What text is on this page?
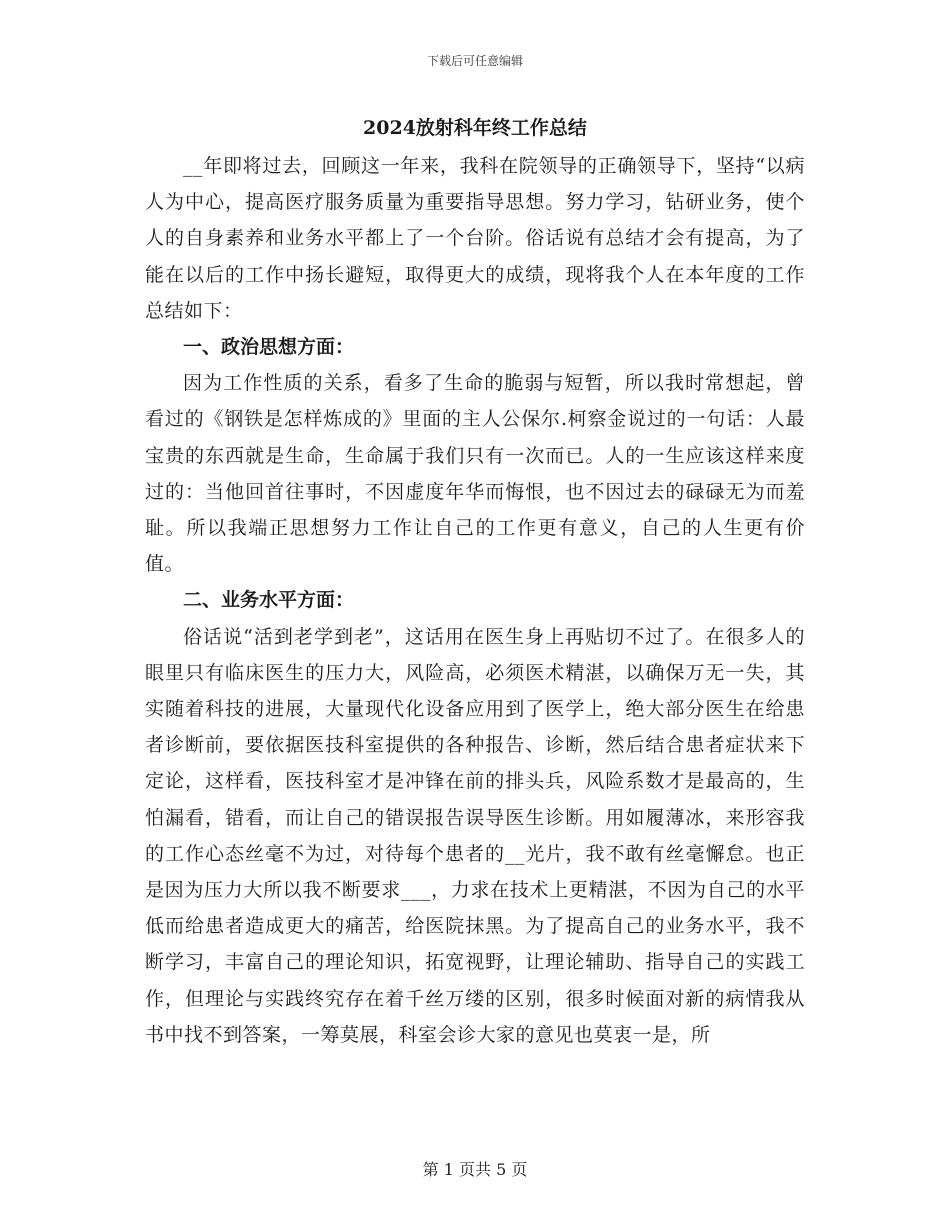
下载后可任意编辑
2024放射科年终工作总结

__年即将过去，回顾这一年来，我科在院领导的正确领导下，坚持“以病人为中心，提高医疗服务质量为重要指导思想。努力学习，钻研业务，使个人的自身素养和业务水平都上了一个台阶。俗话说有总结才会有提高，为了能在以后的工作中扬长避短，取得更大的成绩，现将我个人在本年度的工作总结如下：

一、政治思想方面：

因为工作性质的关系，看多了生命的脆弱与短暂，所以我时常想起，曾看过的《钢铁是怎样炼成的》里面的主人公保尔.柯察金说过的一句话：人最宝贵的东西就是生命，生命属于我们只有一次而已。人的一生应该这样来度过的：当他回首往事时，不因虚度年华而悔恨，也不因过去的碌碌无为而羞耻。所以我端正思想努力工作让自己的工作更有意义，自己的人生更有价值。

二、业务水平方面：

俗话说“活到老学到老”，这话用在医生身上再贴切不过了。在很多人的眼里只有临床医生的压力大，风险高，必须医术精湛，以确保万无一失，其实随着科技的进展，大量现代化设备应用到了医学上，绝大部分医生在给患者诊断前，要依据医技科室提供的各种报告、诊断，然后结合患者症状来下定论，这样看，医技科室才是冲锋在前的排头兵，风险系数才是最高的，生怕漏看，错看，而让自己的错误报告误导医生诊断。用如履薄冰，来形容我的工作心态丝毫不为过，对待每个患者的__光片，我不敢有丝毫懈怠。也正是因为压力大所以我不断要求___，力求在技术上更精湛，不因为自己的水平低而给患者造成更大的痛苦，给医院抹黑。为了提高自己的业务水平，我不断学习，丰富自己的理论知识，拓宽视野，让理论辅助、指导自己的实践工作，但理论与实践终究存在着千丝万缕的区别，很多时候面对新的病情我从书中找不到答案，一筹莫展，科室会诊大家的意见也莫衷一是，所

第 1 页共 5 页
